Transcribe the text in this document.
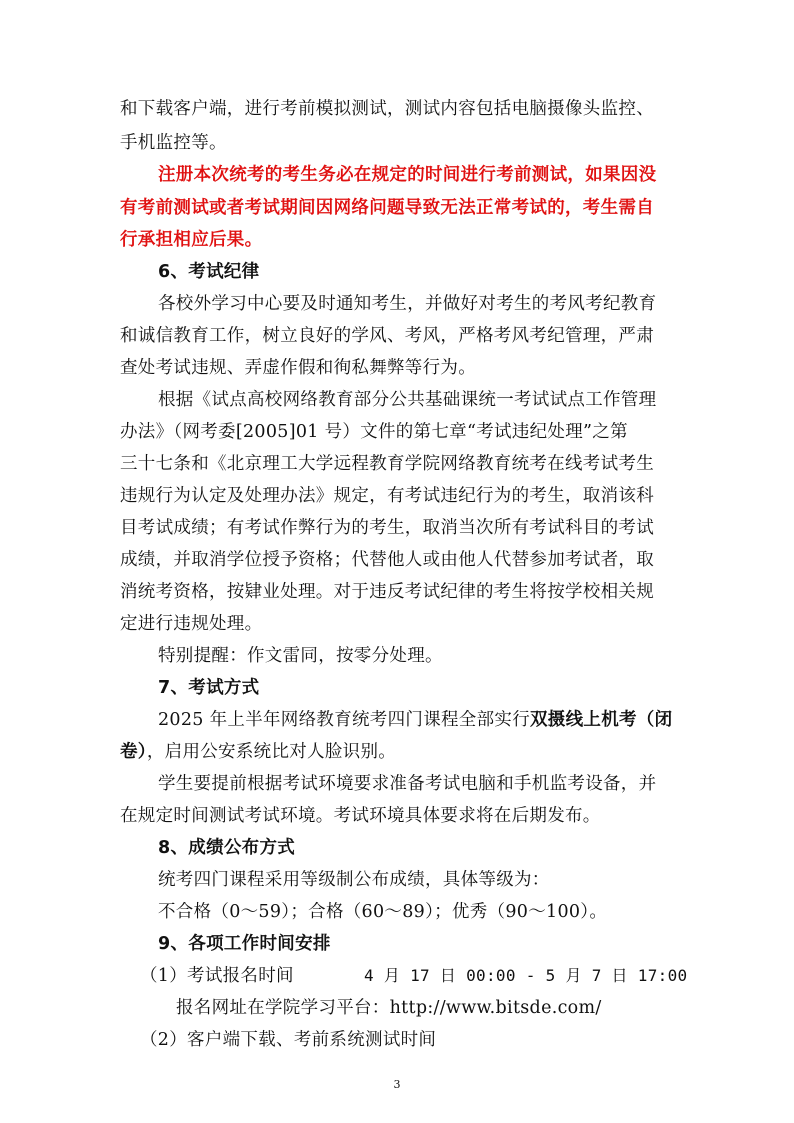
和下载客户端，进行考前模拟测试，测试内容包括电脑摄像头监控、
手机监控等。
注册本次统考的考生务必在规定的时间进行考前测试，如果因没
有考前测试或者考试期间因网络问题导致无法正常考试的，考生需自
行承担相应后果。
6、考试纪律
各校外学习中心要及时通知考生，并做好对考生的考风考纪教育
和诚信教育工作，树立良好的学风、考风，严格考风考纪管理，严肃
查处考试违规、弄虚作假和徇私舞弊等行为。
根据《试点高校网络教育部分公共基础课统一考试试点工作管理
办法》（网考委[2005]01 号）文件的第七章“考试违纪处理”之第
三十七条和《北京理工大学远程教育学院网络教育统考在线考试考生
违规行为认定及处理办法》规定，有考试违纪行为的考生，取消该科
目考试成绩；有考试作弊行为的考生，取消当次所有考试科目的考试
成绩，并取消学位授予资格；代替他人或由他人代替参加考试者，取
消统考资格，按肄业处理。对于违反考试纪律的考生将按学校相关规
定进行违规处理。
特别提醒：作文雷同，按零分处理。
7、考试方式
2025 年上半年网络教育统考四门课程全部实行双摄线上机考（闭
卷），启用公安系统比对人脸识别。
学生要提前根据考试环境要求准备考试电脑和手机监考设备，并
在规定时间测试考试环境。考试环境具体要求将在后期发布。
8、成绩公布方式
统考四门课程采用等级制公布成绩，具体等级为：
不合格（0～59）；合格（60～89）；优秀（90～100）。
9、各项工作时间安排
（1）考试报名时间	4 月 17 日 00:00 - 5 月 7 日 17:00
报名网址在学院学习平台：http://www.bitsde.com/
（2）客户端下载、考前系统测试时间
3
